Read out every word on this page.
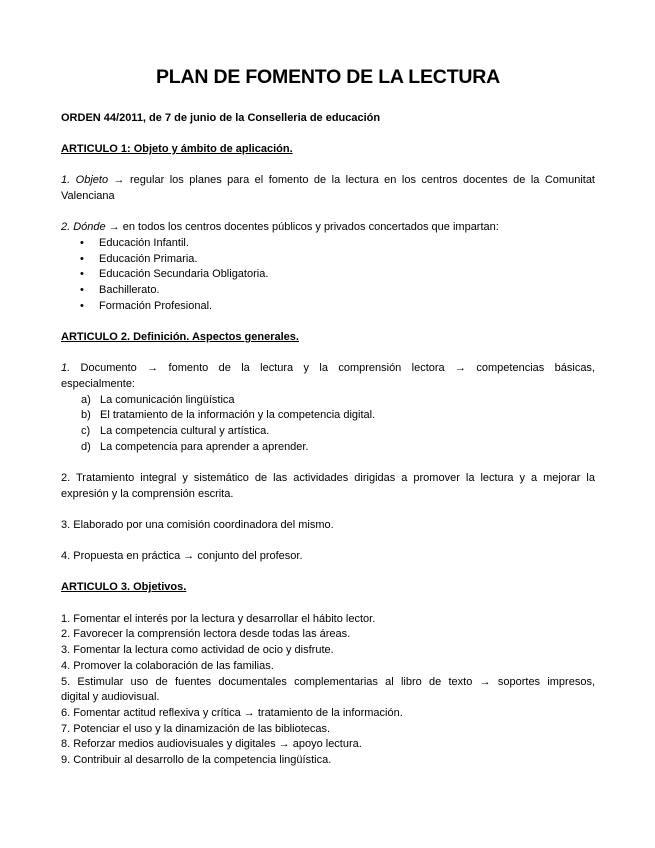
PLAN DE FOMENTO DE LA LECTURA
ORDEN 44/2011, de 7 de junio de la Conselleria de educación
ARTICULO 1: Objeto y ámbito de aplicación.
1. Objeto → regular los planes para el fomento de la lectura en los centros docentes de la Comunitat
Valenciana
2. Dónde → en todos los centros docentes públicos y privados concertados que impartan:
• Educación Infantil.
• Educación Primaria.
• Educación Secundaria Obligatoria.
• Bachillerato.
• Formación Profesional.
ARTICULO 2. Definición. Aspectos generales.
1. Documento → fomento de la lectura y la comprensión lectora → competencias básicas,
especialmente:
a) La comunicación lingüística
b) El tratamiento de la información y la competencia digital.
c) La competencia cultural y artística.
d) La competencia para aprender a aprender.
2. Tratamiento integral y sistemático de las actividades dirigidas a promover la lectura y a mejorar la
expresión y la comprensión escrita.
3. Elaborado por una comisión coordinadora del mismo.
4. Propuesta en práctica → conjunto del profesor.
ARTICULO 3. Objetivos.
1. Fomentar el interés por la lectura y desarrollar el hábito lector.
2. Favorecer la comprensión lectora desde todas las áreas.
3. Fomentar la lectura como actividad de ocio y disfrute.
4. Promover la colaboración de las familias.
5. Estimular uso de fuentes documentales complementarias al libro de texto → soportes impresos,
digital y audiovisual.
6. Fomentar actitud reflexiva y crítica → tratamiento de la información.
7. Potenciar el uso y la dinamización de las bibliotecas.
8. Reforzar medios audiovisuales y digitales → apoyo lectura.
9. Contribuir al desarrollo de la competencia lingüística.
